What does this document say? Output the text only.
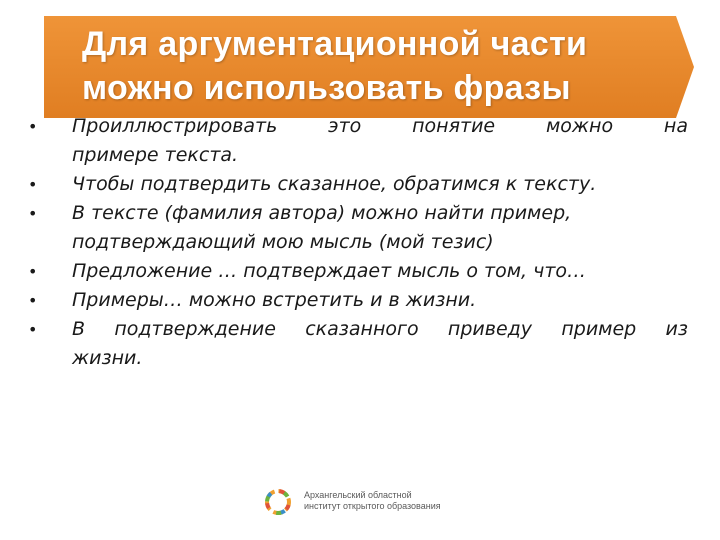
Для аргументационной части
можно использовать фразы
• Проиллюстрировать это понятие можно на
примере текста.
• Чтобы подтвердить сказанное, обратимся к тексту.
• В тексте (фамилия автора) можно найти пример,
подтверждающий мою мысль (мой тезис)
• Предложение … подтверждает мысль о том, что…
• Примеры… можно встретить и в жизни.
• В подтверждение сказанного приведу пример из
жизни.
Архангельский областной
институт открытого образования
